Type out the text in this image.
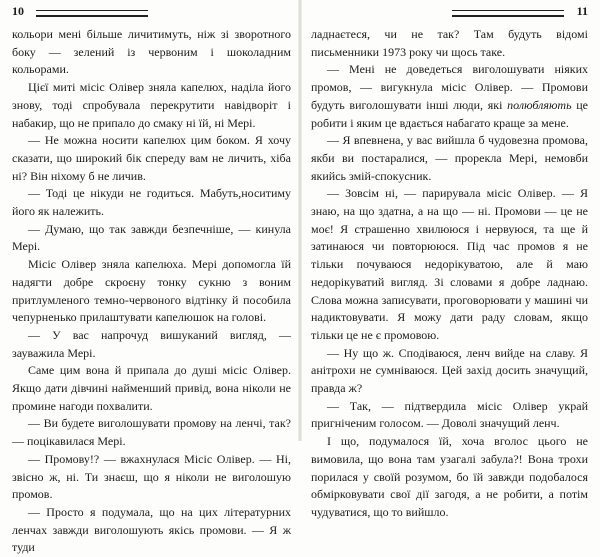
10

кольори мені більше личитимуть, ніж зі зворотного боку — зелений із червоним і шоколадним кольорами.

Цієї миті місіс Олівер зняла капелюх, наділа його знову, тоді спробувала перекрутити навідворіт і набакир, що не припало до смаку ні їй, ні Мері.

— Не можна носити капелюх цим боком. Я хочу сказати, що широкий бік спереду вам не личить, хіба ні? Він ніхому б не личив.

— Тоді це нікуди не годиться. Мабуть,носитиму його як належить.

— Думаю, що так завжди безпечніше, — кинула Мері.

Місіс Олівер зняла капелюха. Мері допомогла їй надягти добре скроєну тонку сукню з воним притлумленого темно-червоного відтінку й пособила чепурненько прилаштувати капелюшок на голові.

— У вас напрочуд вишуканий вигляд, — зауважила Мері.

Саме цим вона й припала до душі місіс Олівер. Якщо дати дівчині найменший привід, вона ніколи не проминe нагоди похвалити.

— Ви будете виголошувати промову на ленчі, так? — поцікавилася Мері.

— Промову!? — вжахнулася Місіс Олівер. — Ні, звісно ж, ні. Ти знаєш, що я ніколи не виголошую промов.

— Просто я подумала, що на цих літературних ленчах завжди виголошують якісь промови. — Я ж туди

11

ладнаєтеся, чи не так? Там будуть відомі письменники 1973 року чи щось таке.

— Мені не доведеться виголошувати ніяких промов, — вигукнула місіс Олівер. — Промови будуть виголошувати інші люди, які полюбляють це робити і яким це вдається набагато краще за мене.

— Я впевнена, у вас вийшла б чудовезна промова, якби ви постаралися, — прорекла Мері, немовби якийсь змій-спокусник.

— Зовсім ні, — парирувала місіс Олівер. — Я знаю, на що здатна, а на що — ні. Промови — це не моє! Я страшенно хвилююся і нервуюся, та ще й затинаюся чи повторююся. Під час промов я не тільки почуваюся недорікуватою, але й маю недорікуватий вигляд. Зі словами я добре ладнаю. Слова можна записувати, проговорювати у машині чи надиктовувати. Я можу дати раду словам, якщо тільки це не є промовою.

— Ну що ж. Сподіваюся, ленч вийде на славу. Я анітрохи не сумніваюся. Цей захід досить значущий, правда ж?

— Так, — підтвердила місіс Олівер украй пригніченим голосом. — Доволі значущий ленч.

І що, подумалося їй, хоча вголос цього не вимовила, що вона там узагалі забула?! Вона трохи порилася у своїй розумом, бо їй завжди подобалося обмірковувати свої дії загодя, а не робити, а потім чудуватися, що то вийшло.
